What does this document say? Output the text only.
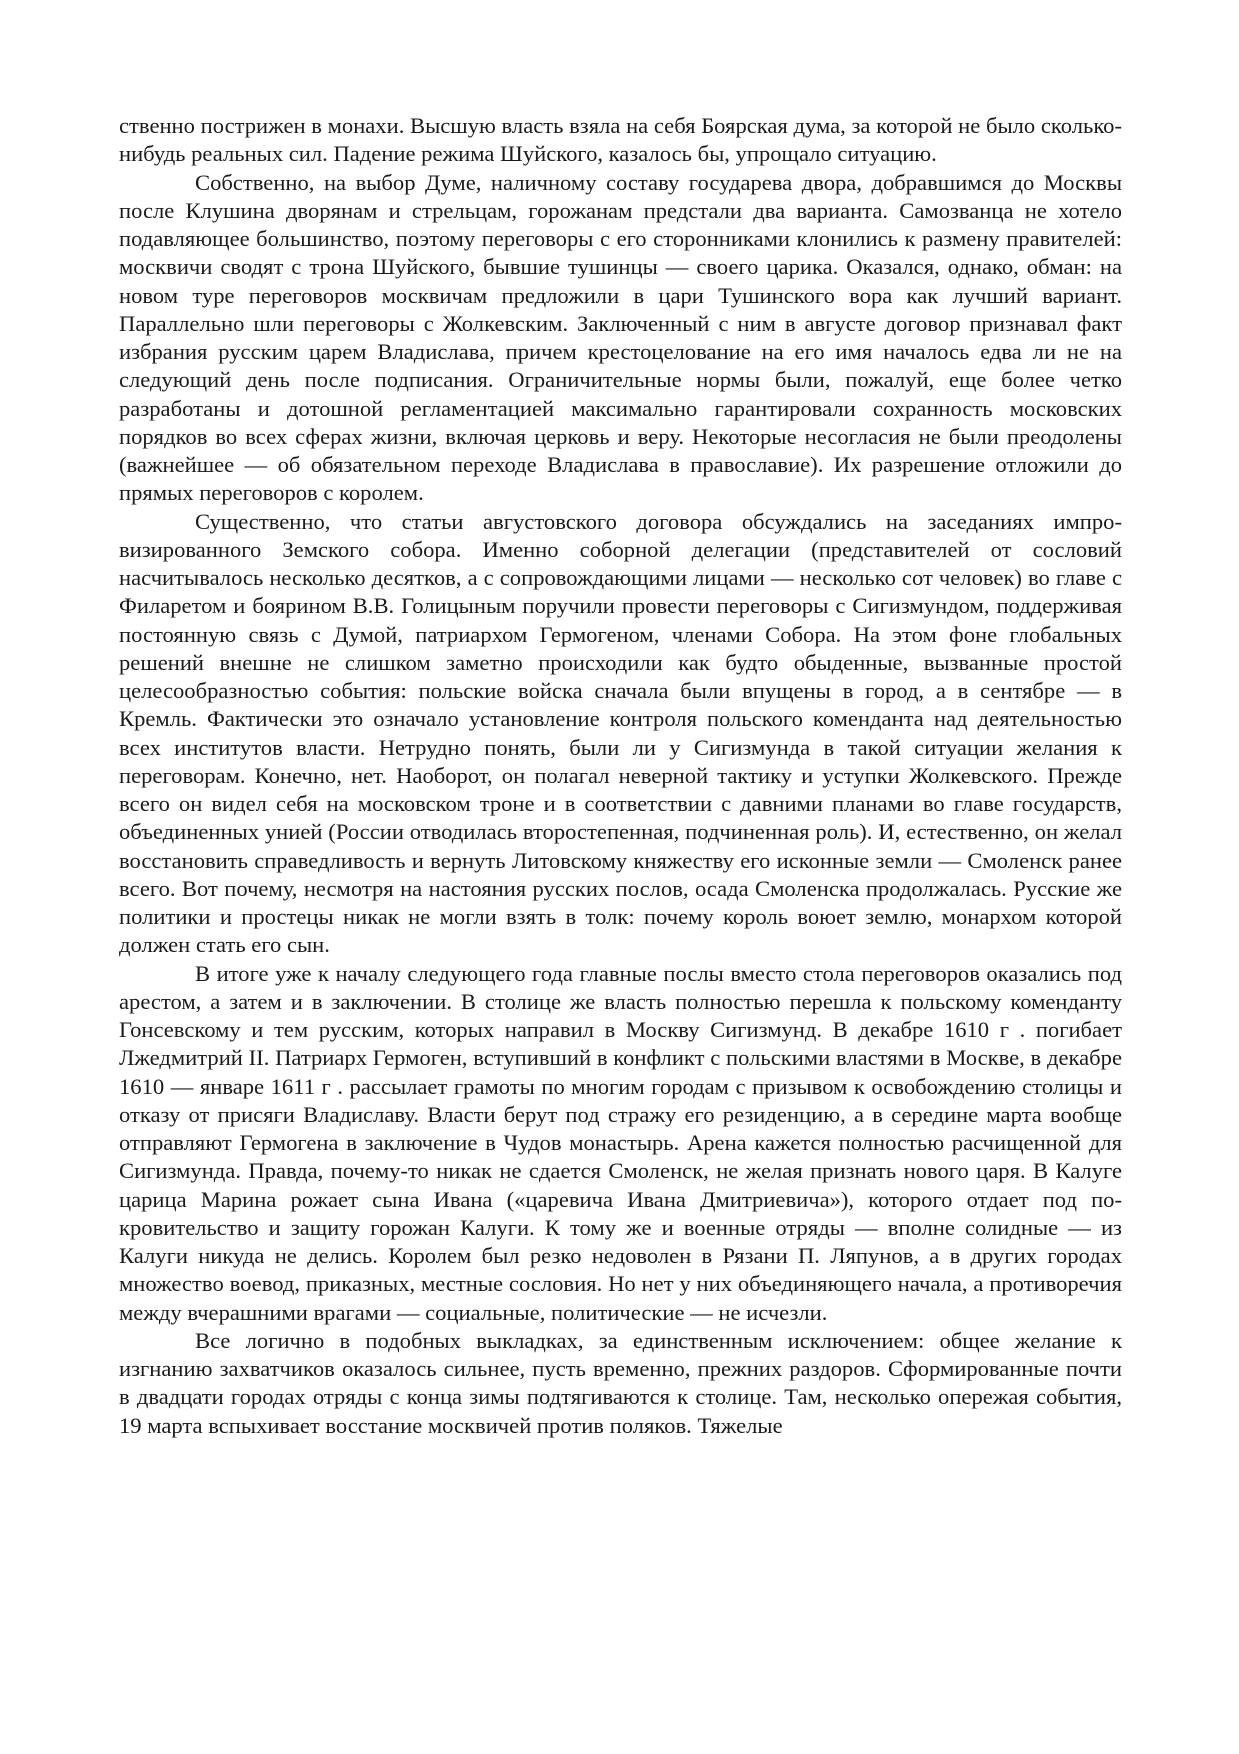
ственно пострижен в монахи. Высшую власть взяла на себя Боярская дума, за которой не было сколько-нибудь реальных сил. Падение режима Шуйского, казалось бы, упрощало ситуацию.

Собственно, на выбор Думе, наличному составу государева двора, добравшимся до Москвы после Клушина дворянам и стрельцам, горожанам предстали два варианта. Самозванца не хотело подавляющее большинство, поэтому переговоры с его сторонниками клонились к размену правителей: москвичи сводят с трона Шуйского, бывшие тушинцы — своего царика. Оказался, однако, обман: на новом туре переговоров москвичам предложили в цари Тушинского вора как лучший вариант. Параллельно шли переговоры с Жолкевским. Заключенный с ним в августе договор признавал факт избрания русским царем Владислава, причем крестоцелование на его имя началось едва ли не на следующий день после подписания. Ограничительные нормы были, пожалуй, еще более четко разработаны и дотошной регламентацией максимально гарантировали сохранность московских порядков во всех сферах жизни, включая церковь и веру. Некоторые несогласия не были преодолены (важнейшее — об обязательном переходе Владислава в православие). Их разрешение отложили до прямых переговоров с королем.

Существенно, что статьи августовского договора обсуждались на заседаниях импровизированного Земского собора. Именно соборной делегации (представителей от сословий насчитывалось несколько десятков, а с сопровождающими лицами — несколько сот человек) во главе с Филаретом и боярином В.В. Голицыным поручили провести переговоры с Сигизмундом, поддерживая постоянную связь с Думой, патриархом Гермогеном, членами Собора. На этом фоне глобальных решений внешне не слишком заметно происходили как будто обыденные, вызванные простой целесообразностью события: польские войска сначала были впущены в город, а в сентябре — в Кремль. Фактически это означало установление контроля польского коменданта над деятельностью всех институтов власти. Нетрудно понять, были ли у Сигизмунда в такой ситуации желания к переговорам. Конечно, нет. Наоборот, он полагал неверной тактику и уступки Жолкевского. Прежде всего он видел себя на московском троне и в соответствии с давними планами во главе государств, объединенных унией (России отводилась второстепенная, подчиненная роль). И, естественно, он желал восстановить справедливость и вернуть Литовскому княжеству его исконные земли — Смоленск ранее всего. Вот почему, несмотря на настояния русских послов, осада Смоленска продолжалась. Русские же политики и простецы никак не могли взять в толк: почему король воюет землю, монархом которой должен стать его сын.

В итоге уже к началу следующего года главные послы вместо стола переговоров оказались под арестом, а затем и в заключении. В столице же власть полностью перешла к польскому коменданту Гонсевскому и тем русским, которых направил в Москву Сигизмунд. В декабре 1610 г . погибает Лжедмитрий II. Патриарх Гермоген, вступивший в конфликт с польскими властями в Москве, в декабре 1610 — январе 1611 г . рассылает грамоты по многим городам с призывом к освобождению столицы и отказу от присяги Владиславу. Власти берут под стражу его резиденцию, а в середине марта вообще отправляют Гермогена в заключение в Чудов монастырь. Арена кажется полностью расчищенной для Сигизмунда. Правда, почему-то никак не сдается Смоленск, не желая признать нового царя. В Калуге царица Марина рожает сына Ивана («царевича Ивана Дмитриевича»), которого отдает под покровительство и защиту горожан Калуги. К тому же и военные отряды — вполне солидные — из Калуги никуда не делись. Королем был резко недоволен в Рязани П. Ляпунов, а в других городах множество воевод, приказных, местные сословия. Но нет у них объединяющего начала, а противоречия между вчерашними врагами — социальные, политические — не исчезли.

Все логично в подобных выкладках, за единственным исключением: общее желание к изгнанию захватчиков оказалось сильнее, пусть временно, прежних раздоров. Сформированные почти в двадцати городах отряды с конца зимы подтягиваются к столице. Там, несколько опережая события, 19 марта вспыхивает восстание москвичей против поляков. Тяжелые
